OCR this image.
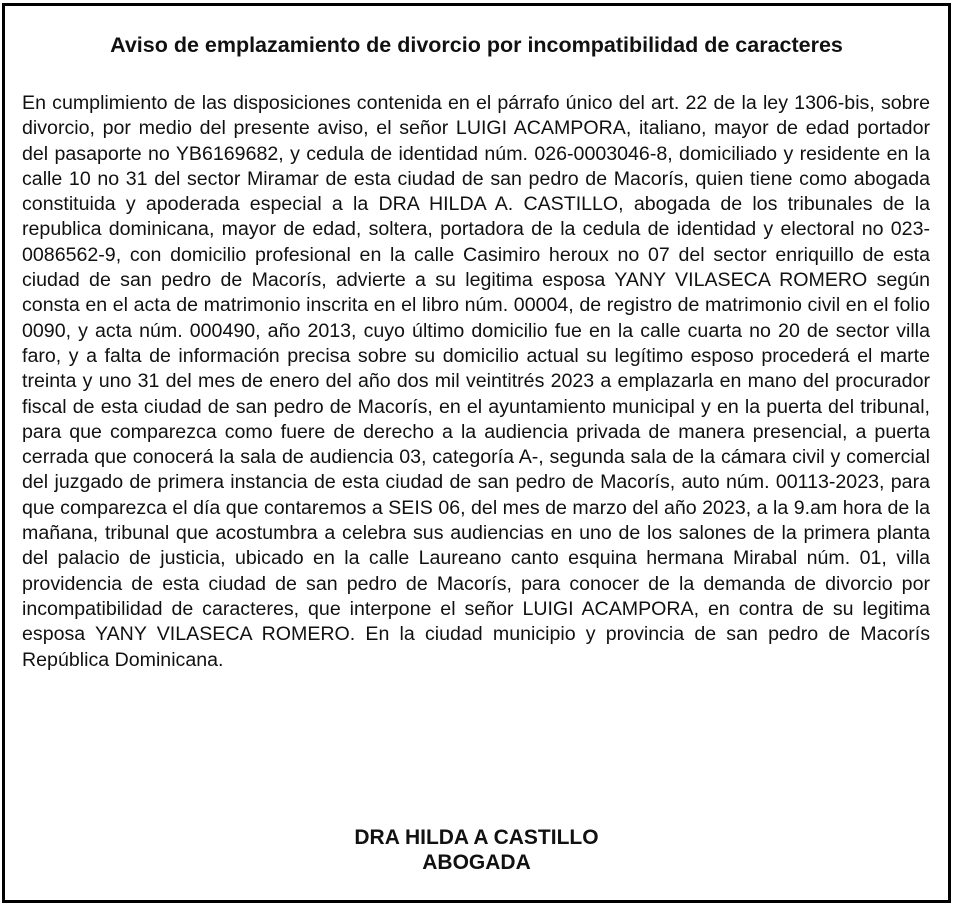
Aviso de emplazamiento de divorcio por incompatibilidad de caracteres

En cumplimiento de las disposiciones contenida en el párrafo único del art. 22 de la ley 1306-bis, sobre divorcio, por medio del presente aviso, el señor LUIGI ACAMPORA, italiano, mayor de edad portador del pasaporte no YB6169682, y cedula de identidad núm. 026-0003046-8, domiciliado y residente en la calle 10 no 31 del sector Miramar de esta ciudad de san pedro de Macorís, quien tiene como abogada constituida y apoderada especial a la DRA HILDA A. CASTILLO, abogada de los tribunales de la republica dominicana, mayor de edad, soltera, portadora de la cedula de identidad y electoral no 023-0086562-9, con domicilio profesional en la calle Casimiro heroux no 07 del sector enriquillo de esta ciudad de san pedro de Macorís, advierte a su legitima esposa YANY VILASECA ROMERO según consta en el acta de matrimonio inscrita en el libro núm. 00004, de registro de matrimonio civil en el folio 0090, y acta núm. 000490, año 2013, cuyo último domicilio fue en la calle cuarta no 20 de sector villa faro, y a falta de información precisa sobre su domicilio actual su legítimo esposo procederá el marte treinta y uno 31 del mes de enero del año dos mil veintitrés 2023 a emplazarla en mano del procurador fiscal de esta ciudad de san pedro de Macorís, en el ayuntamiento municipal y en la puerta del tribunal, para que comparezca como fuere de derecho a la audiencia privada de manera presencial, a puerta cerrada que conocerá la sala de audiencia 03, categoría A-, segunda sala de la cámara civil y comercial del juzgado de primera instancia de esta ciudad de san pedro de Macorís, auto núm. 00113-2023, para que comparezca el día que contaremos a SEIS 06, del mes de marzo del año 2023, a la 9.am hora de la mañana, tribunal que acostumbra a celebra sus audiencias en uno de los salones de la primera planta del palacio de justicia, ubicado en la calle Laureano canto esquina hermana Mirabal núm. 01, villa providencia de esta ciudad de san pedro de Macorís, para conocer de la demanda de divorcio por incompatibilidad de caracteres, que interpone el señor LUIGI ACAMPORA, en contra de su legitima esposa YANY VILASECA ROMERO. En la ciudad municipio y provincia de san pedro de Macorís República Dominicana.

DRA HILDA A CASTILLO
ABOGADA
